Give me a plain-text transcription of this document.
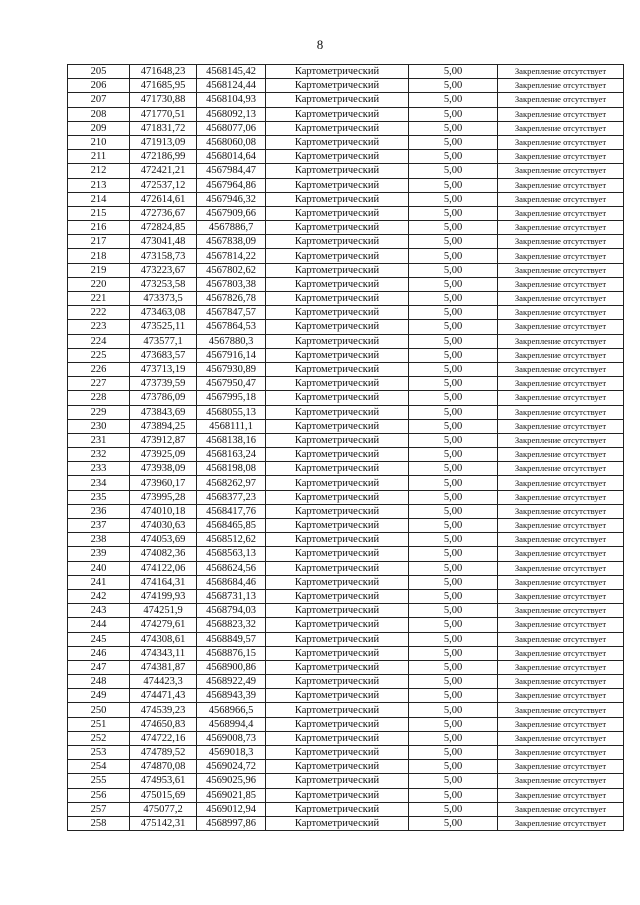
8
205	471648,23	4568145,42	Картометрический	5,00	Закрепление отсутствует
206	471685,95	4568124,44	Картометрический	5,00	Закрепление отсутствует
207	471730,88	4568104,93	Картометрический	5,00	Закрепление отсутствует
208	471770,51	4568092,13	Картометрический	5,00	Закрепление отсутствует
209	471831,72	4568077,06	Картометрический	5,00	Закрепление отсутствует
210	471913,09	4568060,08	Картометрический	5,00	Закрепление отсутствует
211	472186,99	4568014,64	Картометрический	5,00	Закрепление отсутствует
212	472421,21	4567984,47	Картометрический	5,00	Закрепление отсутствует
213	472537,12	4567964,86	Картометрический	5,00	Закрепление отсутствует
214	472614,61	4567946,32	Картометрический	5,00	Закрепление отсутствует
215	472736,67	4567909,66	Картометрический	5,00	Закрепление отсутствует
216	472824,85	4567886,7	Картометрический	5,00	Закрепление отсутствует
217	473041,48	4567838,09	Картометрический	5,00	Закрепление отсутствует
218	473158,73	4567814,22	Картометрический	5,00	Закрепление отсутствует
219	473223,67	4567802,62	Картометрический	5,00	Закрепление отсутствует
220	473253,58	4567803,38	Картометрический	5,00	Закрепление отсутствует
221	473373,5	4567826,78	Картометрический	5,00	Закрепление отсутствует
222	473463,08	4567847,57	Картометрический	5,00	Закрепление отсутствует
223	473525,11	4567864,53	Картометрический	5,00	Закрепление отсутствует
224	473577,1	4567880,3	Картометрический	5,00	Закрепление отсутствует
225	473683,57	4567916,14	Картометрический	5,00	Закрепление отсутствует
226	473713,19	4567930,89	Картометрический	5,00	Закрепление отсутствует
227	473739,59	4567950,47	Картометрический	5,00	Закрепление отсутствует
228	473786,09	4567995,18	Картометрический	5,00	Закрепление отсутствует
229	473843,69	4568055,13	Картометрический	5,00	Закрепление отсутствует
230	473894,25	4568111,1	Картометрический	5,00	Закрепление отсутствует
231	473912,87	4568138,16	Картометрический	5,00	Закрепление отсутствует
232	473925,09	4568163,24	Картометрический	5,00	Закрепление отсутствует
233	473938,09	4568198,08	Картометрический	5,00	Закрепление отсутствует
234	473960,17	4568262,97	Картометрический	5,00	Закрепление отсутствует
235	473995,28	4568377,23	Картометрический	5,00	Закрепление отсутствует
236	474010,18	4568417,76	Картометрический	5,00	Закрепление отсутствует
237	474030,63	4568465,85	Картометрический	5,00	Закрепление отсутствует
238	474053,69	4568512,62	Картометрический	5,00	Закрепление отсутствует
239	474082,36	4568563,13	Картометрический	5,00	Закрепление отсутствует
240	474122,06	4568624,56	Картометрический	5,00	Закрепление отсутствует
241	474164,31	4568684,46	Картометрический	5,00	Закрепление отсутствует
242	474199,93	4568731,13	Картометрический	5,00	Закрепление отсутствует
243	474251,9	4568794,03	Картометрический	5,00	Закрепление отсутствует
244	474279,61	4568823,32	Картометрический	5,00	Закрепление отсутствует
245	474308,61	4568849,57	Картометрический	5,00	Закрепление отсутствует
246	474343,11	4568876,15	Картометрический	5,00	Закрепление отсутствует
247	474381,87	4568900,86	Картометрический	5,00	Закрепление отсутствует
248	474423,3	4568922,49	Картометрический	5,00	Закрепление отсутствует
249	474471,43	4568943,39	Картометрический	5,00	Закрепление отсутствует
250	474539,23	4568966,5	Картометрический	5,00	Закрепление отсутствует
251	474650,83	4568994,4	Картометрический	5,00	Закрепление отсутствует
252	474722,16	4569008,73	Картометрический	5,00	Закрепление отсутствует
253	474789,52	4569018,3	Картометрический	5,00	Закрепление отсутствует
254	474870,08	4569024,72	Картометрический	5,00	Закрепление отсутствует
255	474953,61	4569025,96	Картометрический	5,00	Закрепление отсутствует
256	475015,69	4569021,85	Картометрический	5,00	Закрепление отсутствует
257	475077,2	4569012,94	Картометрический	5,00	Закрепление отсутствует
258	475142,31	4568997,86	Картометрический	5,00	Закрепление отсутствует
